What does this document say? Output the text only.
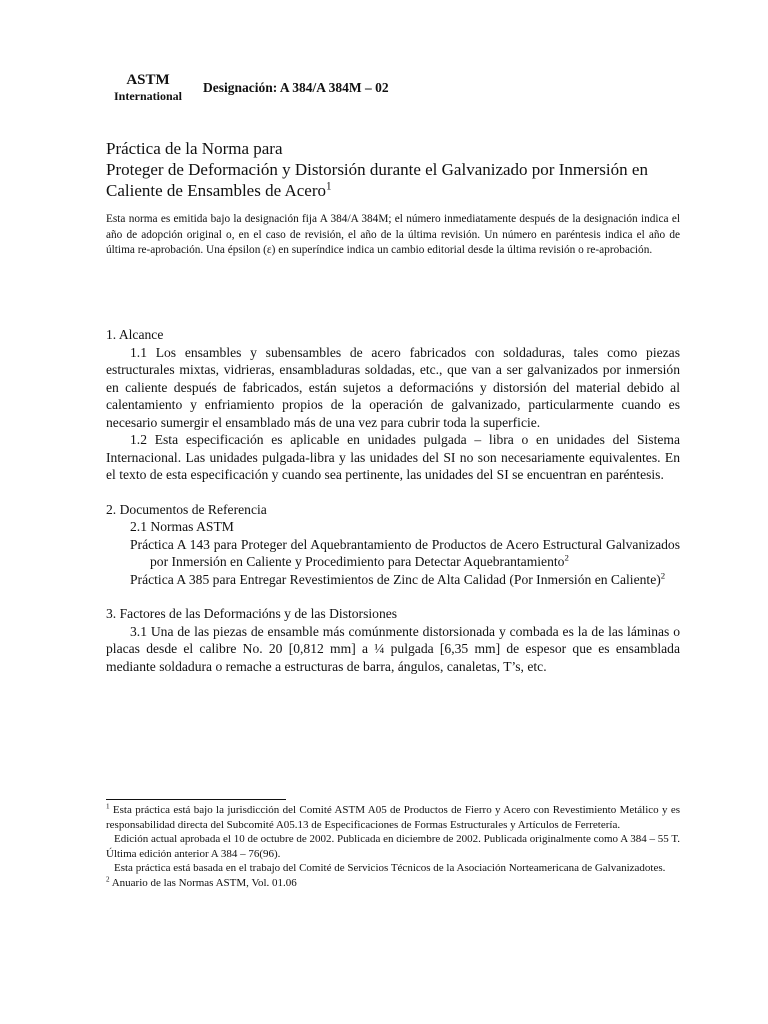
ASTM
International
Designación: A 384/A 384M – 02
Práctica de la Norma para
Proteger de Deformación y Distorsión durante el Galvanizado por Inmersión en
Caliente de Ensambles de Acero$^1$
Esta norma es emitida bajo la designación fija A 384/A 384M; el número inmediatamente después de la designación indica el año de adopción original o, en el caso de revisión, el año de la última revisión. Un número en paréntesis indica el año de última re-aprobación. Una épsilon (ε) en superíndice indica un cambio editorial desde la última revisión o re-aprobación.

1. Alcance

1.1 Los ensambles y subensambles de acero fabricados con soldaduras, tales como piezas estructurales mixtas, vidrieras, ensambladuras soldadas, etc., que van a ser galvanizados por inmersión en caliente después de fabricados, están sujetos a deformacións y distorsión del material debido al calentamiento y enfriamiento propios de la operación de galvanizado, particularmente cuando es necesario sumergir el ensamblado más de una vez para cubrir toda la superficie.

1.2 Esta especificación es aplicable en unidades pulgada – libra o en unidades del Sistema Internacional. Las unidades pulgada-libra y las unidades del SI no son necesariamente equivalentes. En el texto de esta especificación y cuando sea pertinente, las unidades del SI se encuentran en paréntesis.

2. Documentos de Referencia

2.1 Normas ASTM

Práctica A 143 para Proteger del Aquebrantamiento de Productos de Acero Estructural Galvanizados por Inmersión en Caliente y Procedimiento para Detectar Aquebrantamiento$^2$

Práctica A 385 para Entregar Revestimientos de Zinc de Alta Calidad (Por Inmersión en Caliente)$^2$

3. Factores de las Deformacións y de las Distorsiones

3.1 Una de las piezas de ensamble más comúnmente distorsionada y combada es la de las láminas o placas desde el calibre No. 20 [0,812 mm] a ¼ pulgada [6,35 mm] de espesor que es ensamblada mediante soldadura o remache a estructuras de barra, ángulos, canaletas, T’s, etc.

$^1$ Esta práctica está bajo la jurisdicción del Comité ASTM A05 de Productos de Fierro y Acero con Revestimiento Metálico y es responsabilidad directa del Subcomité A05.13 de Especificaciones de Formas Estructurales y Artículos de Ferretería.

Edición actual aprobada el 10 de octubre de 2002. Publicada en diciembre de 2002. Publicada originalmente como A 384 – 55 T. Última edición anterior A 384 – 76(96).

Esta práctica está basada en el trabajo del Comité de Servicios Técnicos de la Asociación Norteamericana de Galvanizadotes.

$^2$ Anuario de las Normas ASTM, Vol. 01.06
